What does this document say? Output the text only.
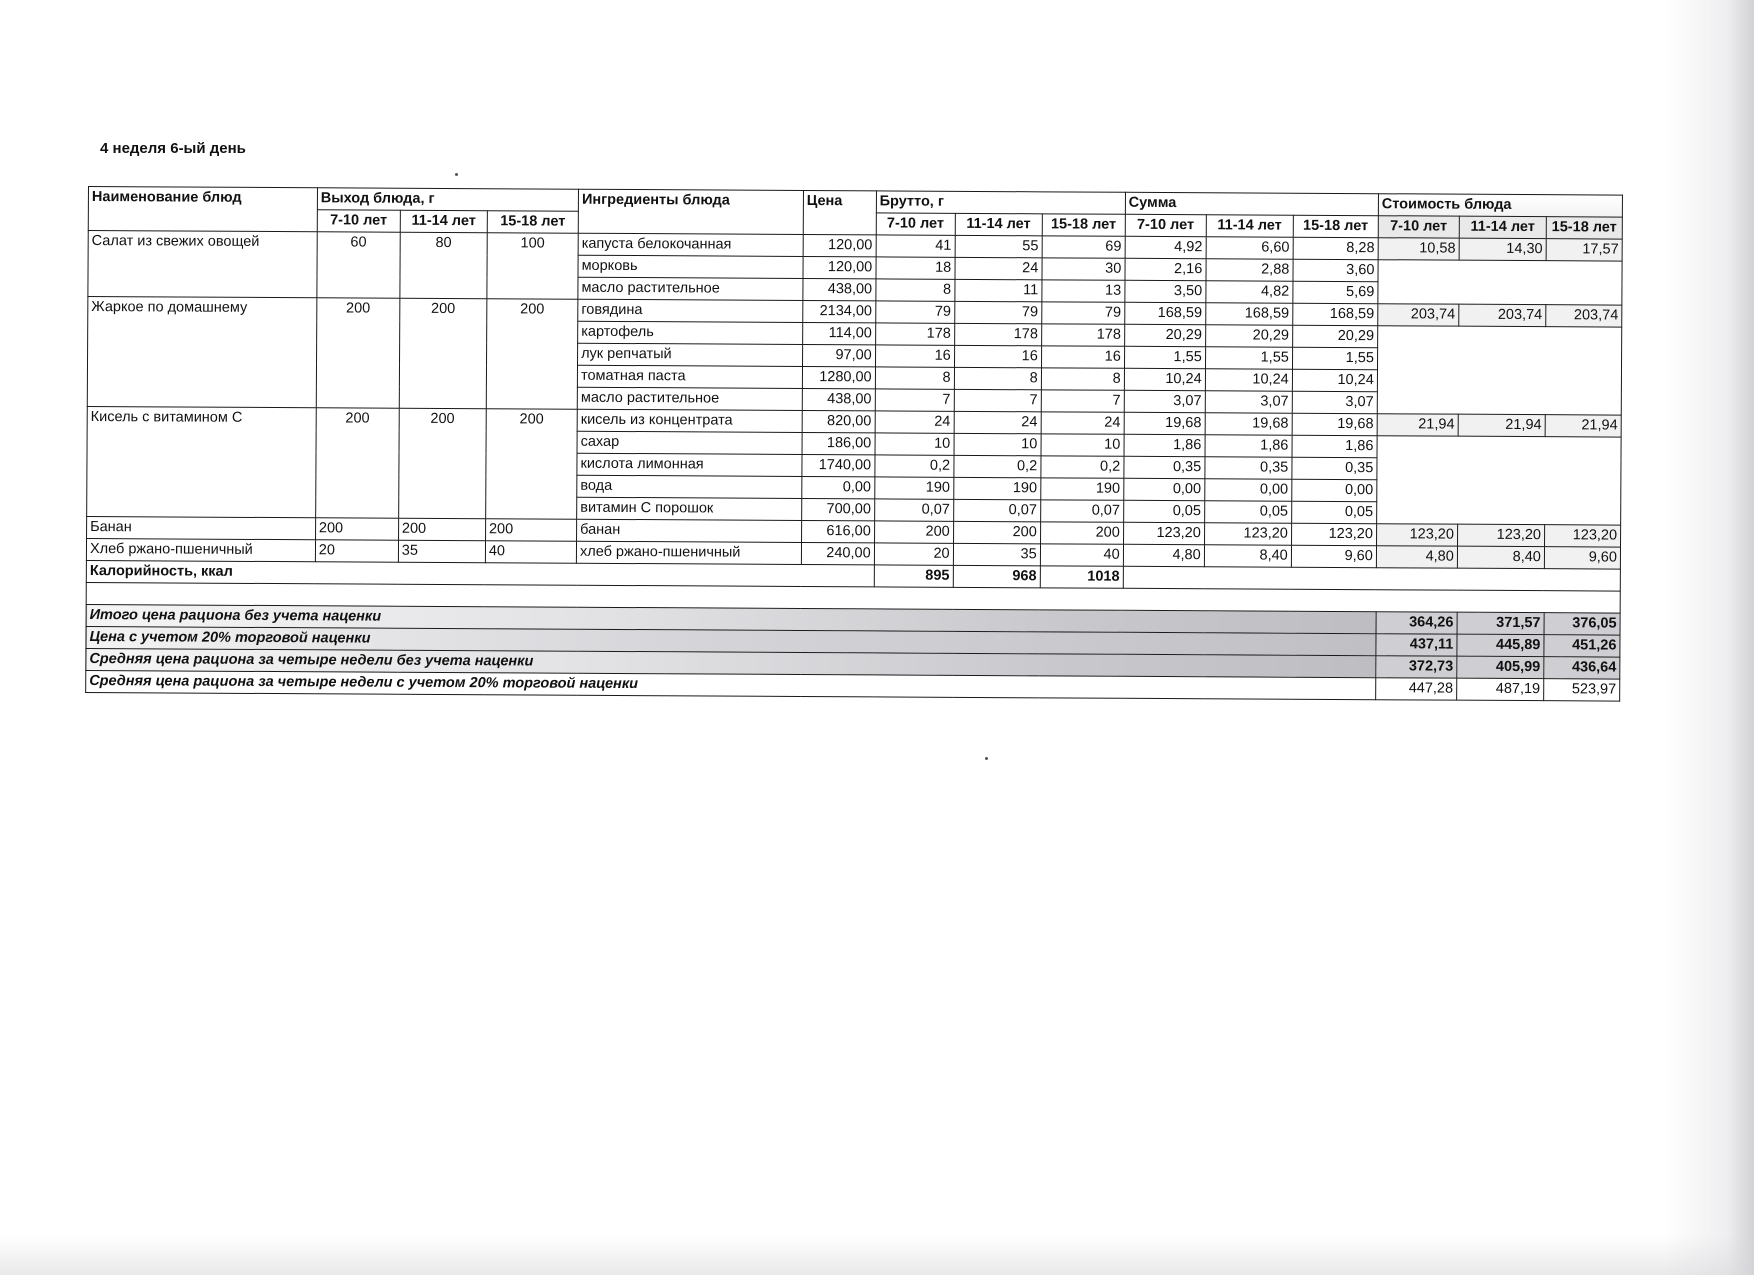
4 неделя 6-ый день
Наименование блюд	Выход блюда, г			Ингредиенты блюда	Цена	Брутто, г			Сумма			Стоимость блюда		
	7-10 лет	11-14 лет	15-18 лет			7-10 лет	11-14 лет	15-18 лет	7-10 лет	11-14 лет	15-18 лет	7-10 лет	11-14 лет	15-18 лет
Салат из свежих овощей	60	80	100	капуста белокочанная	120,00	41	55	69	4,92	6,60	8,28	10,58	14,30	17,57
				морковь	120,00	18	24	30	2,16	2,88	3,60			
				масло растительное	438,00	8	11	13	3,50	4,82	5,69			
Жаркое по домашнему	200	200	200	говядина	2134,00	79	79	79	168,59	168,59	168,59	203,74	203,74	203,74
				картофель	114,00	178	178	178	20,29	20,29	20,29			
				лук репчатый	97,00	16	16	16	1,55	1,55	1,55			
				томатная паста	1280,00	8	8	8	10,24	10,24	10,24			
				масло растительное	438,00	7	7	7	3,07	3,07	3,07			
Кисель с витамином С	200	200	200	кисель из концентрата	820,00	24	24	24	19,68	19,68	19,68	21,94	21,94	21,94
				сахар	186,00	10	10	10	1,86	1,86	1,86			
				кислота лимонная	1740,00	0,2	0,2	0,2	0,35	0,35	0,35			
				вода	0,00	190	190	190	0,00	0,00	0,00			
				витамин С порошок	700,00	0,07	0,07	0,07	0,05	0,05	0,05			
Банан	200	200	200	банан	616,00	200	200	200	123,20	123,20	123,20	123,20	123,20	123,20
Хлеб ржано-пшеничный	20	35	40	хлеб ржано-пшеничный	240,00	20	35	40	4,80	8,40	9,60	4,80	8,40	9,60
Калорийность, ккал						895	968	1018						

Итого цена рациона без учета наценки												364,26	371,57	376,05
Цена с учетом 20% торговой наценки												437,11	445,89	451,26
Средняя цена рациона за четыре недели без учета наценки												372,73	405,99	436,64
Средняя цена рациона за четыре недели с учетом 20% торговой наценки												447,28	487,19	523,97
